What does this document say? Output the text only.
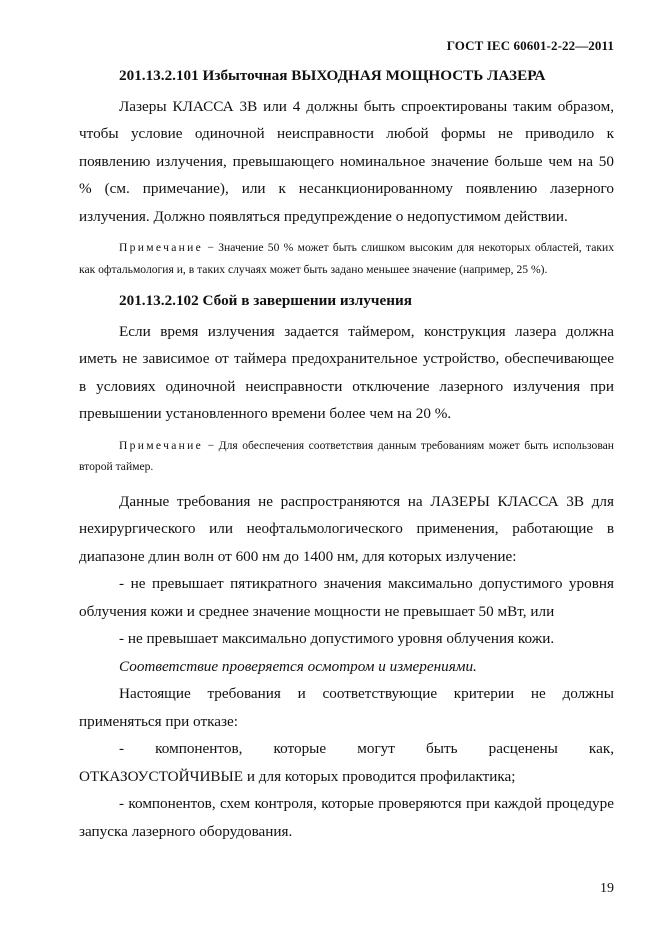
ГОСТ IEC 60601-2-22—2011
201.13.2.101 Избыточная ВЫХОДНАЯ МОЩНОСТЬ ЛАЗЕРА

Лазеры КЛАССА 3В или 4 должны быть спроектированы таким образом, чтобы условие одиночной неисправности любой формы не приводило к появлению излучения, превышающего номинальное значение больше чем на 50 % (см. примечание), или к несанкционированному появлению лазерного излучения. Должно появляться предупреждение о недопустимом действии.

Примечание − Значение 50 % может быть слишком высоким для некоторых областей, таких как офтальмология и, в таких случаях может быть задано меньшее значение (например, 25 %).

201.13.2.102 Сбой в завершении излучения

Если время излучения задается таймером, конструкция лазера должна иметь не зависимое от таймера предохранительное устройство, обеспечивающее в условиях одиночной неисправности отключение лазерного излучения при превышении установленного времени более чем на 20 %.

Примечание − Для обеспечения соответствия данным требованиям может быть использован второй таймер.

Данные требования не распространяются на ЛАЗЕРЫ КЛАССА 3В для нехирургического или неофтальмологического применения, работающие в диапазоне длин волн от 600 нм до 1400 нм, для которых излучение:

- не превышает пятикратного значения максимально допустимого уровня облучения кожи и среднее значение мощности не превышает 50 мВт, или

- не превышает максимально допустимого уровня облучения кожи.

Соответствие проверяется осмотром и измерениями.

Настоящие требования и соответствующие критерии не должны применяться при отказе:

- компонентов, которые могут быть расценены как, ОТКАЗОУСТОЙЧИВЫЕ и для которых проводится профилактика;

- компонентов, схем контроля, которые проверяются при каждой процедуре запуска лазерного оборудования.

19
